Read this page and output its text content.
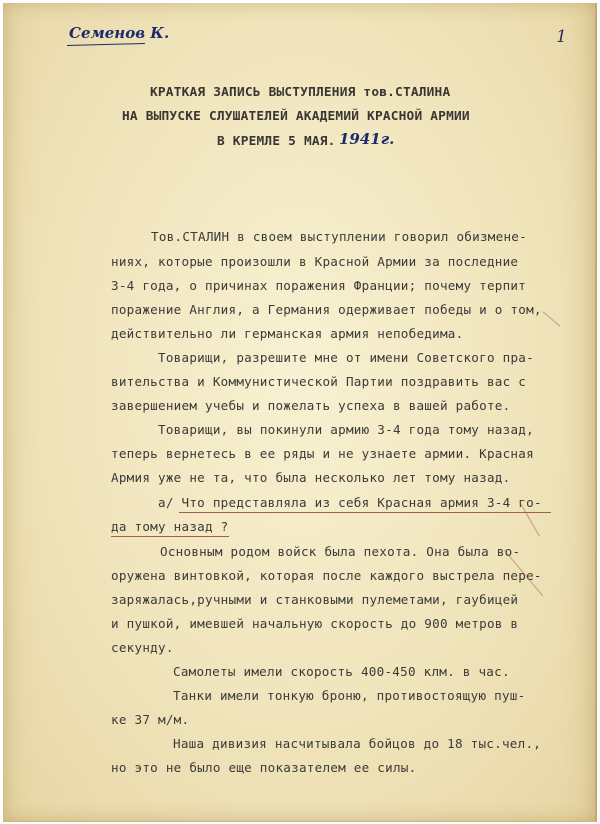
Семенов К.	1
КРАТКАЯ ЗАПИСЬ ВЫСТУПЛЕНИЯ тов.СТАЛИНА
НА ВЫПУСКЕ СЛУШАТЕЛЕЙ АКАДЕМИЙ КРАСНОЙ АРМИИ
В КРЕМЛЕ 5 МАЯ. 1941г.
Тов.СТАЛИН в своем выступлении говорил обизмене-
ниях, которые произошли в Красной Армии за последние
3-4 года, о причинах поражения Франции; почему терпит
поражение Англия, а Германия одерживает победы и о том,
действительно ли германская армия непобедима.
Товарищи, разрешите мне от имени Советского пра-
вительства и Коммунистической Партии поздравить вас с
завершением учебы и пожелать успеха в вашей работе.
Товарищи, вы покинули армию 3-4 года тому назад,
теперь вернетесь в ее ряды и не узнаете армии. Красная
Армия уже не та, что была несколько лет тому назад.
а/ Что представляла из себя Красная армия 3-4 го-
да тому назад ?
Основным родом войск была пехота. Она была во-
оружена винтовкой, которая после каждого выстрела пере-
заряжалась,ручными и станковыми пулеметами, гаубицей
и пушкой, имевшей начальную скорость до 900 метров в
секунду.
Самолеты имели скорость 400-450 клм. в час.
Танки имели тонкую броню, противостоящую пуш-
ке 37 м/м.
Наша дивизия насчитывала бойцов до 18 тыс.чел.,
но это не было еще показателем ее силы.
